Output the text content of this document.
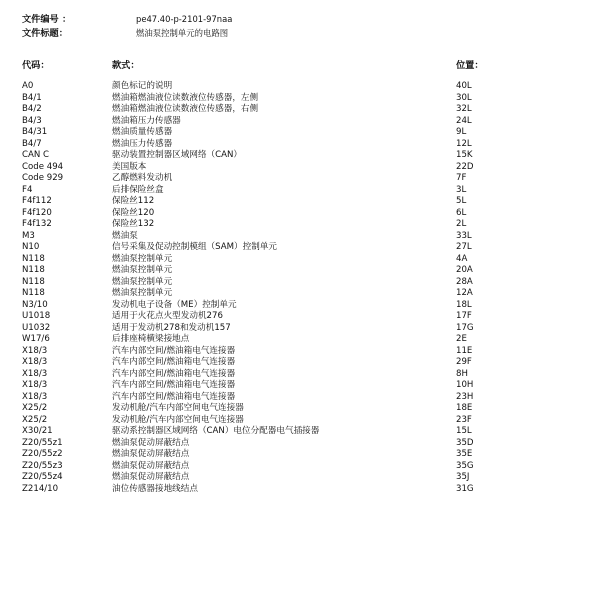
文件编号 ：	pe47.40-p-2101-97naa
文件标题：	燃油泵控制单元的电路图
代码：	款式：	位置：
A0	颜色标记的说明	40L
B4/1	燃油箱燃油液位读数液位传感器，左侧	30L
B4/2	燃油箱燃油液位读数液位传感器，右侧	32L
B4/3	燃油箱压力传感器	24L
B4/31	燃油质量传感器	9L
B4/7	燃油压力传感器	12L
CAN C	驱动装置控制器区域网络（CAN）	15K
Code 494	美国版本	22D
Code 929	乙醇燃料发动机	7F
F4	后排保险丝盒	3L
F4f112	保险丝112	5L
F4f120	保险丝120	6L
F4f132	保险丝132	2L
M3	燃油泵	33L
N10	信号采集及促动控制模组（SAM）控制单元	27L
N118	燃油泵控制单元	4A
N118	燃油泵控制单元	20A
N118	燃油泵控制单元	28A
N118	燃油泵控制单元	12A
N3/10	发动机电子设备（ME）控制单元	18L
U1018	适用于火花点火型发动机276	17F
U1032	适用于发动机278和发动机157	17G
W17/6	后排座椅横梁接地点	2E
X18/3	汽车内部空间/燃油箱电气连接器	11E
X18/3	汽车内部空间/燃油箱电气连接器	29F
X18/3	汽车内部空间/燃油箱电气连接器	8H
X18/3	汽车内部空间/燃油箱电气连接器	10H
X18/3	汽车内部空间/燃油箱电气连接器	23H
X25/2	发动机舱/汽车内部空间电气连接器	18E
X25/2	发动机舱/汽车内部空间电气连接器	23F
X30/21	驱动系控制器区域网络（CAN）电位分配器电气插接器	15L
Z20/55z1	燃油泵促动屏蔽结点	35D
Z20/55z2	燃油泵促动屏蔽结点	35E
Z20/55z3	燃油泵促动屏蔽结点	35G
Z20/55z4	燃油泵促动屏蔽结点	35J
Z214/10	油位传感器接地线结点	31G
